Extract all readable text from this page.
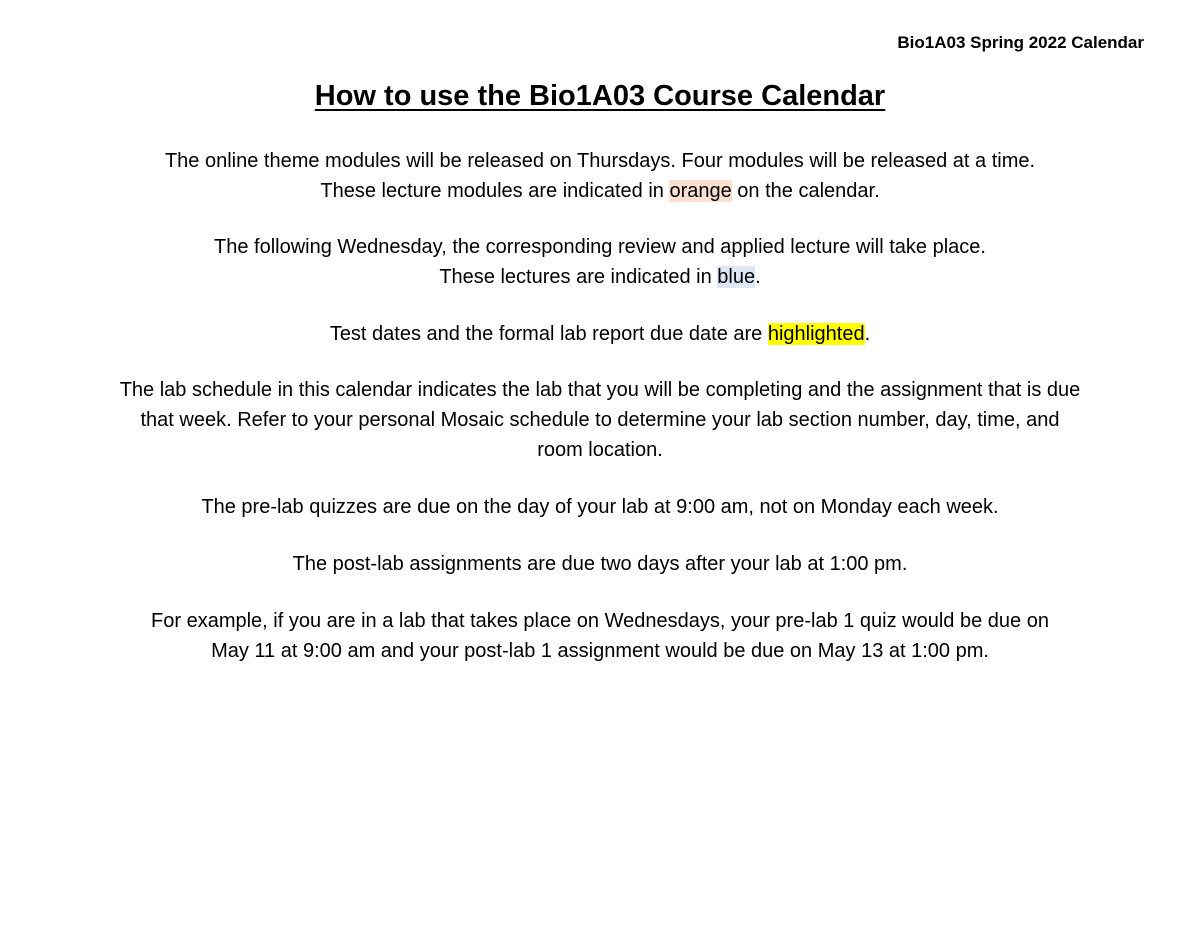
Bio1A03 Spring 2022 Calendar
How to use the Bio1A03 Course Calendar
The online theme modules will be released on Thursdays. Four modules will be released at a time.
These lecture modules are indicated in orange on the calendar.
The following Wednesday, the corresponding review and applied lecture will take place.
These lectures are indicated in blue.
Test dates and the formal lab report due date are highlighted.
The lab schedule in this calendar indicates the lab that you will be completing and the assignment that is due
that week. Refer to your personal Mosaic schedule to determine your lab section number, day, time, and
room location.
The pre-lab quizzes are due on the day of your lab at 9:00 am, not on Monday each week.
The post-lab assignments are due two days after your lab at 1:00 pm.
For example, if you are in a lab that takes place on Wednesdays, your pre-lab 1 quiz would be due on
May 11 at 9:00 am and your post-lab 1 assignment would be due on May 13 at 1:00 pm.
